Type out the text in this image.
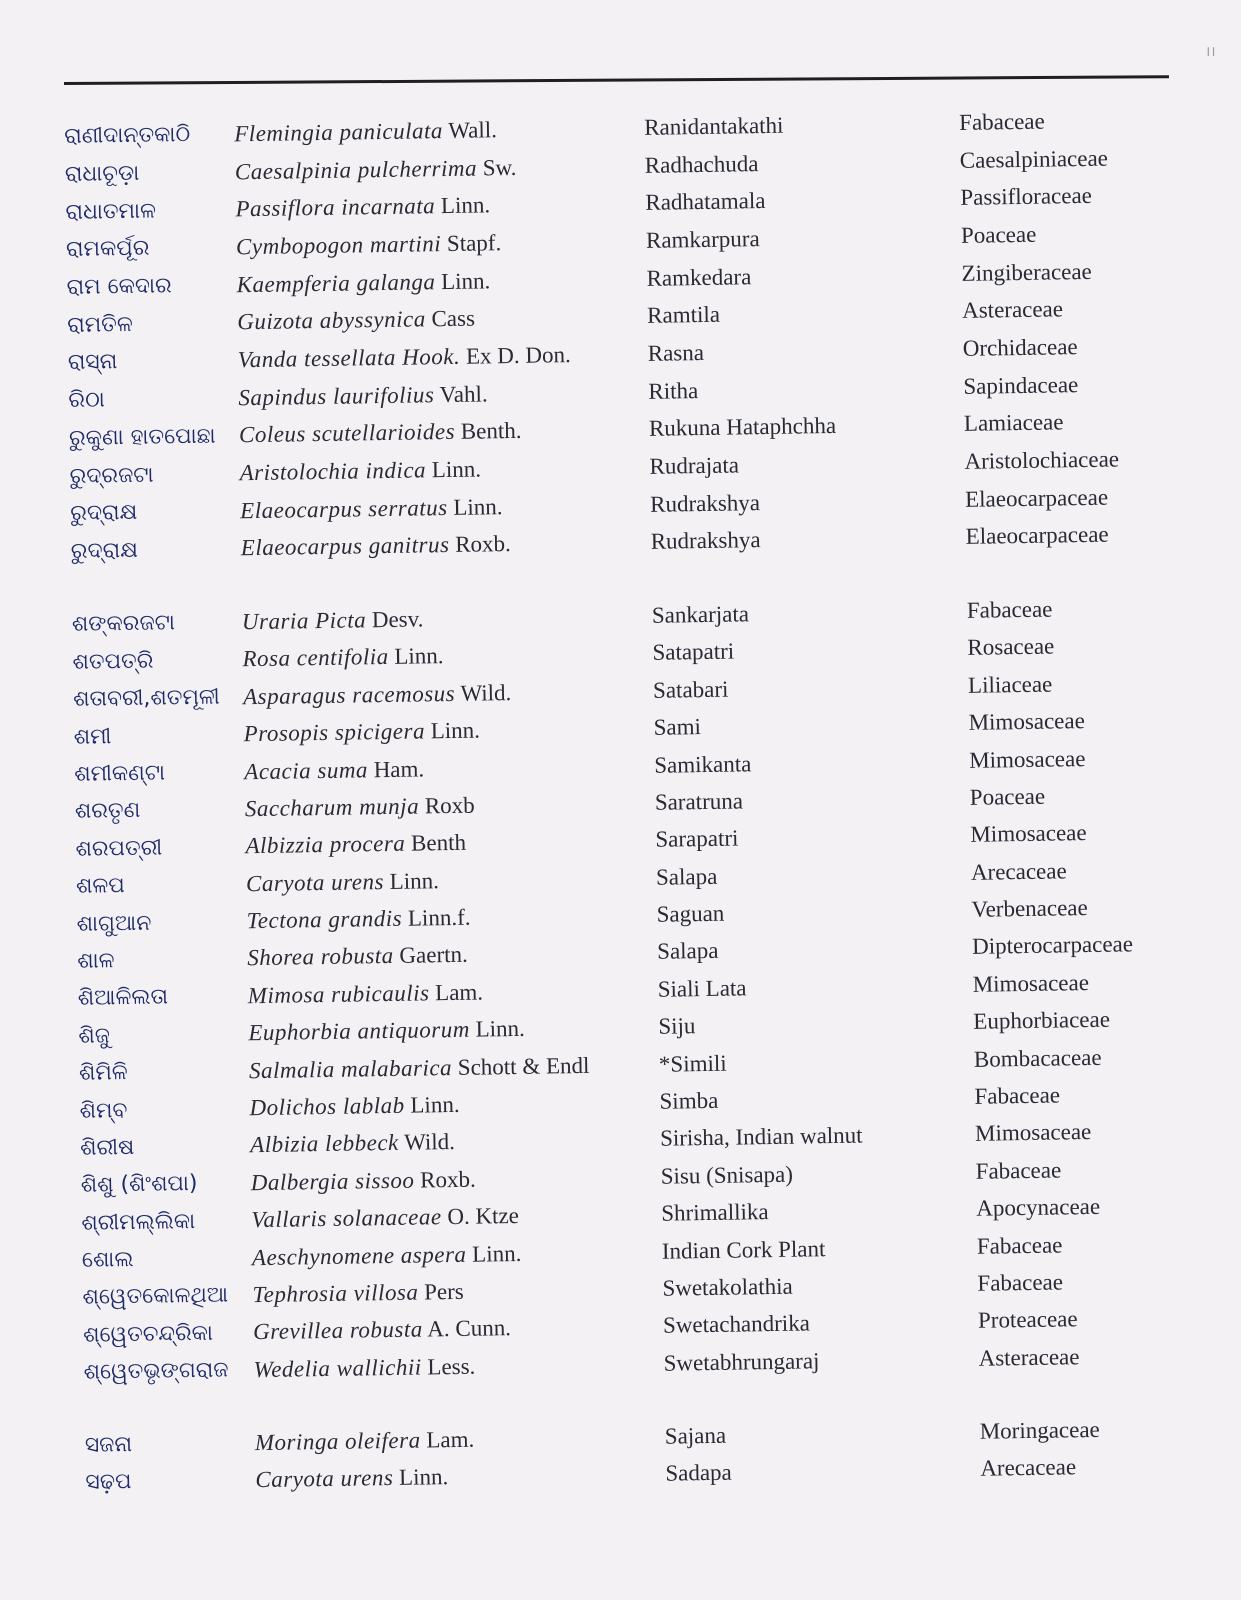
।।
ରାଣୀଦାନ୍ତକାଠି	Flemingia paniculata Wall.	Ranidantakathi	Fabaceae
ରାଧାଚୂଡ଼ା	Caesalpinia pulcherrima Sw.	Radhachuda	Caesalpiniaceae
ରାଧାତମାଳ	Passiflora incarnata Linn.	Radhatamala	Passifloraceae
ରାମକର୍ପୂର	Cymbopogon martini Stapf.	Ramkarpura	Poaceae
ରାମ କେଦାର	Kaempferia galanga Linn.	Ramkedara	Zingiberaceae
ରାମତିଳ	Guizota abyssynica Cass	Ramtila	Asteraceae
ରାସ୍ନା	Vanda tessellata Hook. Ex D. Don.	Rasna	Orchidaceae
ରିଠା	Sapindus laurifolius Vahl.	Ritha	Sapindaceae
ରୁକୁଣା ହାତପୋଛା	Coleus scutellarioides Benth.	Rukuna Hataphchha	Lamiaceae
ରୁଦ୍ରଜଟା	Aristolochia indica Linn.	Rudrajata	Aristolochiaceae
ରୁଦ୍ରାକ୍ଷ	Elaeocarpus serratus Linn.	Rudrakshya	Elaeocarpaceae
ରୁଦ୍ରାକ୍ଷ	Elaeocarpus ganitrus Roxb.	Rudrakshya	Elaeocarpaceae
ଶଙ୍କରଜଟା	Uraria Picta Desv.	Sankarjata	Fabaceae
ଶତପତ୍ରି	Rosa centifolia Linn.	Satapatri	Rosaceae
ଶତାବରୀ,ଶତମୂଳୀ	Asparagus racemosus Wild.	Satabari	Liliaceae
ଶମୀ	Prosopis spicigera Linn.	Sami	Mimosaceae
ଶମୀକଣ୍ଟା	Acacia suma Ham.	Samikanta	Mimosaceae
ଶରତୃଣ	Saccharum munja Roxb	Saratruna	Poaceae
ଶରପତ୍ରୀ	Albizzia procera Benth	Sarapatri	Mimosaceae
ଶଳପ	Caryota urens Linn.	Salapa	Arecaceae
ଶାଗୁଆନ	Tectona grandis Linn.f.	Saguan	Verbenaceae
ଶାଳ	Shorea robusta Gaertn.	Salapa	Dipterocarpaceae
ଶିଆଳିଲତା	Mimosa rubicaulis Lam.	Siali Lata	Mimosaceae
ଶିଜୁ	Euphorbia antiquorum Linn.	Siju	Euphorbiaceae
ଶିମିଳି	Salmalia malabarica Schott & Endl	*Simili	Bombacaceae
ଶିମ୍ବ	Dolichos lablab Linn.	Simba	Fabaceae
ଶିରୀଷ	Albizia lebbeck Wild.	Sirisha, Indian walnut	Mimosaceae
ଶିଶୁ (ଶିଂଶପା)	Dalbergia sissoo Roxb.	Sisu (Snisapa)	Fabaceae
ଶ୍ରୀମଲ୍ଲିକା	Vallaris solanaceae O. Ktze	Shrimallika	Apocynaceae
ଶୋଲ	Aeschynomene aspera Linn.	Indian Cork Plant	Fabaceae
ଶ୍ୱେତକୋଳଥିଆ	Tephrosia villosa Pers	Swetakolathia	Fabaceae
ଶ୍ୱେତଚନ୍ଦ୍ରିକା	Grevillea robusta A. Cunn.	Swetachandrika	Proteaceae
ଶ୍ୱେତଭୃଙ୍ଗରାଜ	Wedelia wallichii Less.	Swetabhrungaraj	Asteraceae
ସଜନା	Moringa oleifera Lam.	Sajana	Moringaceae
ସଢ଼ପ	Caryota urens Linn.	Sadapa	Arecaceae
